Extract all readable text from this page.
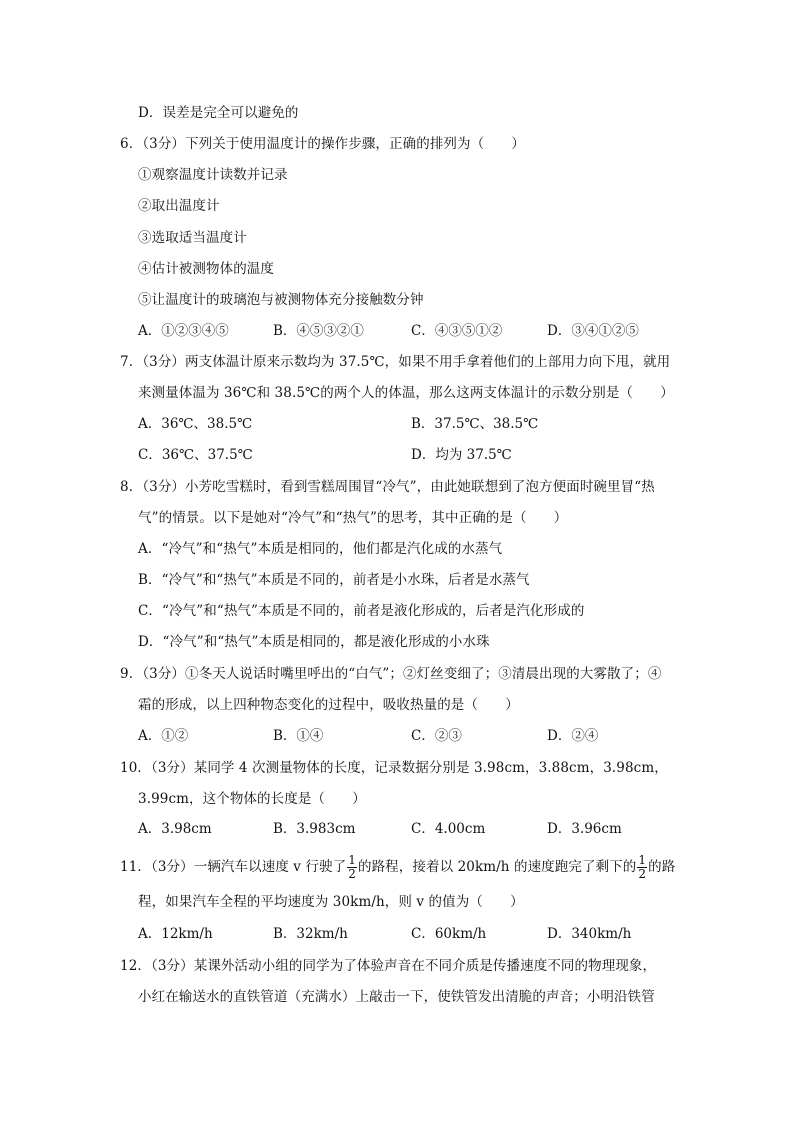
D．误差是完全可以避免的
6．（3分）下列关于使用温度计的操作步骤，正确的排列为（　　）
①观察温度计读数并记录
②取出温度计
③选取适当温度计
④估计被测物体的温度
⑤让温度计的玻璃泡与被测物体充分接触数分钟
A．①②③④⑤	B．④⑤③②①	C．④③⑤①②	D．③④①②⑤
7．（3分）两支体温计原来示数均为 37.5℃，如果不用手拿着他们的上部用力向下甩，就用
来测量体温为 36℃和 38.5℃的两个人的体温，那么这两支体温计的示数分别是（　　）
A．36℃、38.5℃	B．37.5℃、38.5℃
C．36℃、37.5℃	D．均为 37.5℃
8．（3分）小芳吃雪糕时，看到雪糕周围冒“冷气”，由此她联想到了泡方便面时碗里冒“热
气”的情景。以下是她对“冷气”和“热气”的思考，其中正确的是（　　）
A．“冷气”和“热气”本质是相同的，他们都是汽化成的水蒸气
B．“冷气”和“热气”本质是不同的，前者是小水珠，后者是水蒸气
C．“冷气”和“热气”本质是不同的，前者是液化形成的，后者是汽化形成的
D．“冷气”和“热气”本质是相同的，都是液化形成的小水珠
9．（3分）①冬天人说话时嘴里呼出的“白气”；②灯丝变细了；③清晨出现的大雾散了；④
霜的形成，以上四种物态变化的过程中，吸收热量的是（　　）
A．①②	B．①④	C．②③	D．②④
10．（3分）某同学 4 次测量物体的长度，记录数据分别是 3.98cm，3.88cm，3.98cm，
3.99cm，这个物体的长度是（　　）
A．3.98cm	B．3.983cm	C．4.00cm	D．3.96cm
11．（3分）一辆汽车以速度 v 行驶了 $\frac{1}{2}$ 的路程，接着以 20km/h 的速度跑完了剩下的 $\frac{1}{2}$ 的路
程，如果汽车全程的平均速度为 30km/h，则 v 的值为（　　）
A．12km/h	B．32km/h	C．60km/h	D．340km/h
12．（3分）某课外活动小组的同学为了体验声音在不同介质是传播速度不同的物理现象，
小红在输送水的直铁管道（充满水）上敲击一下，使铁管发出清脆的声音；小明沿铁管
